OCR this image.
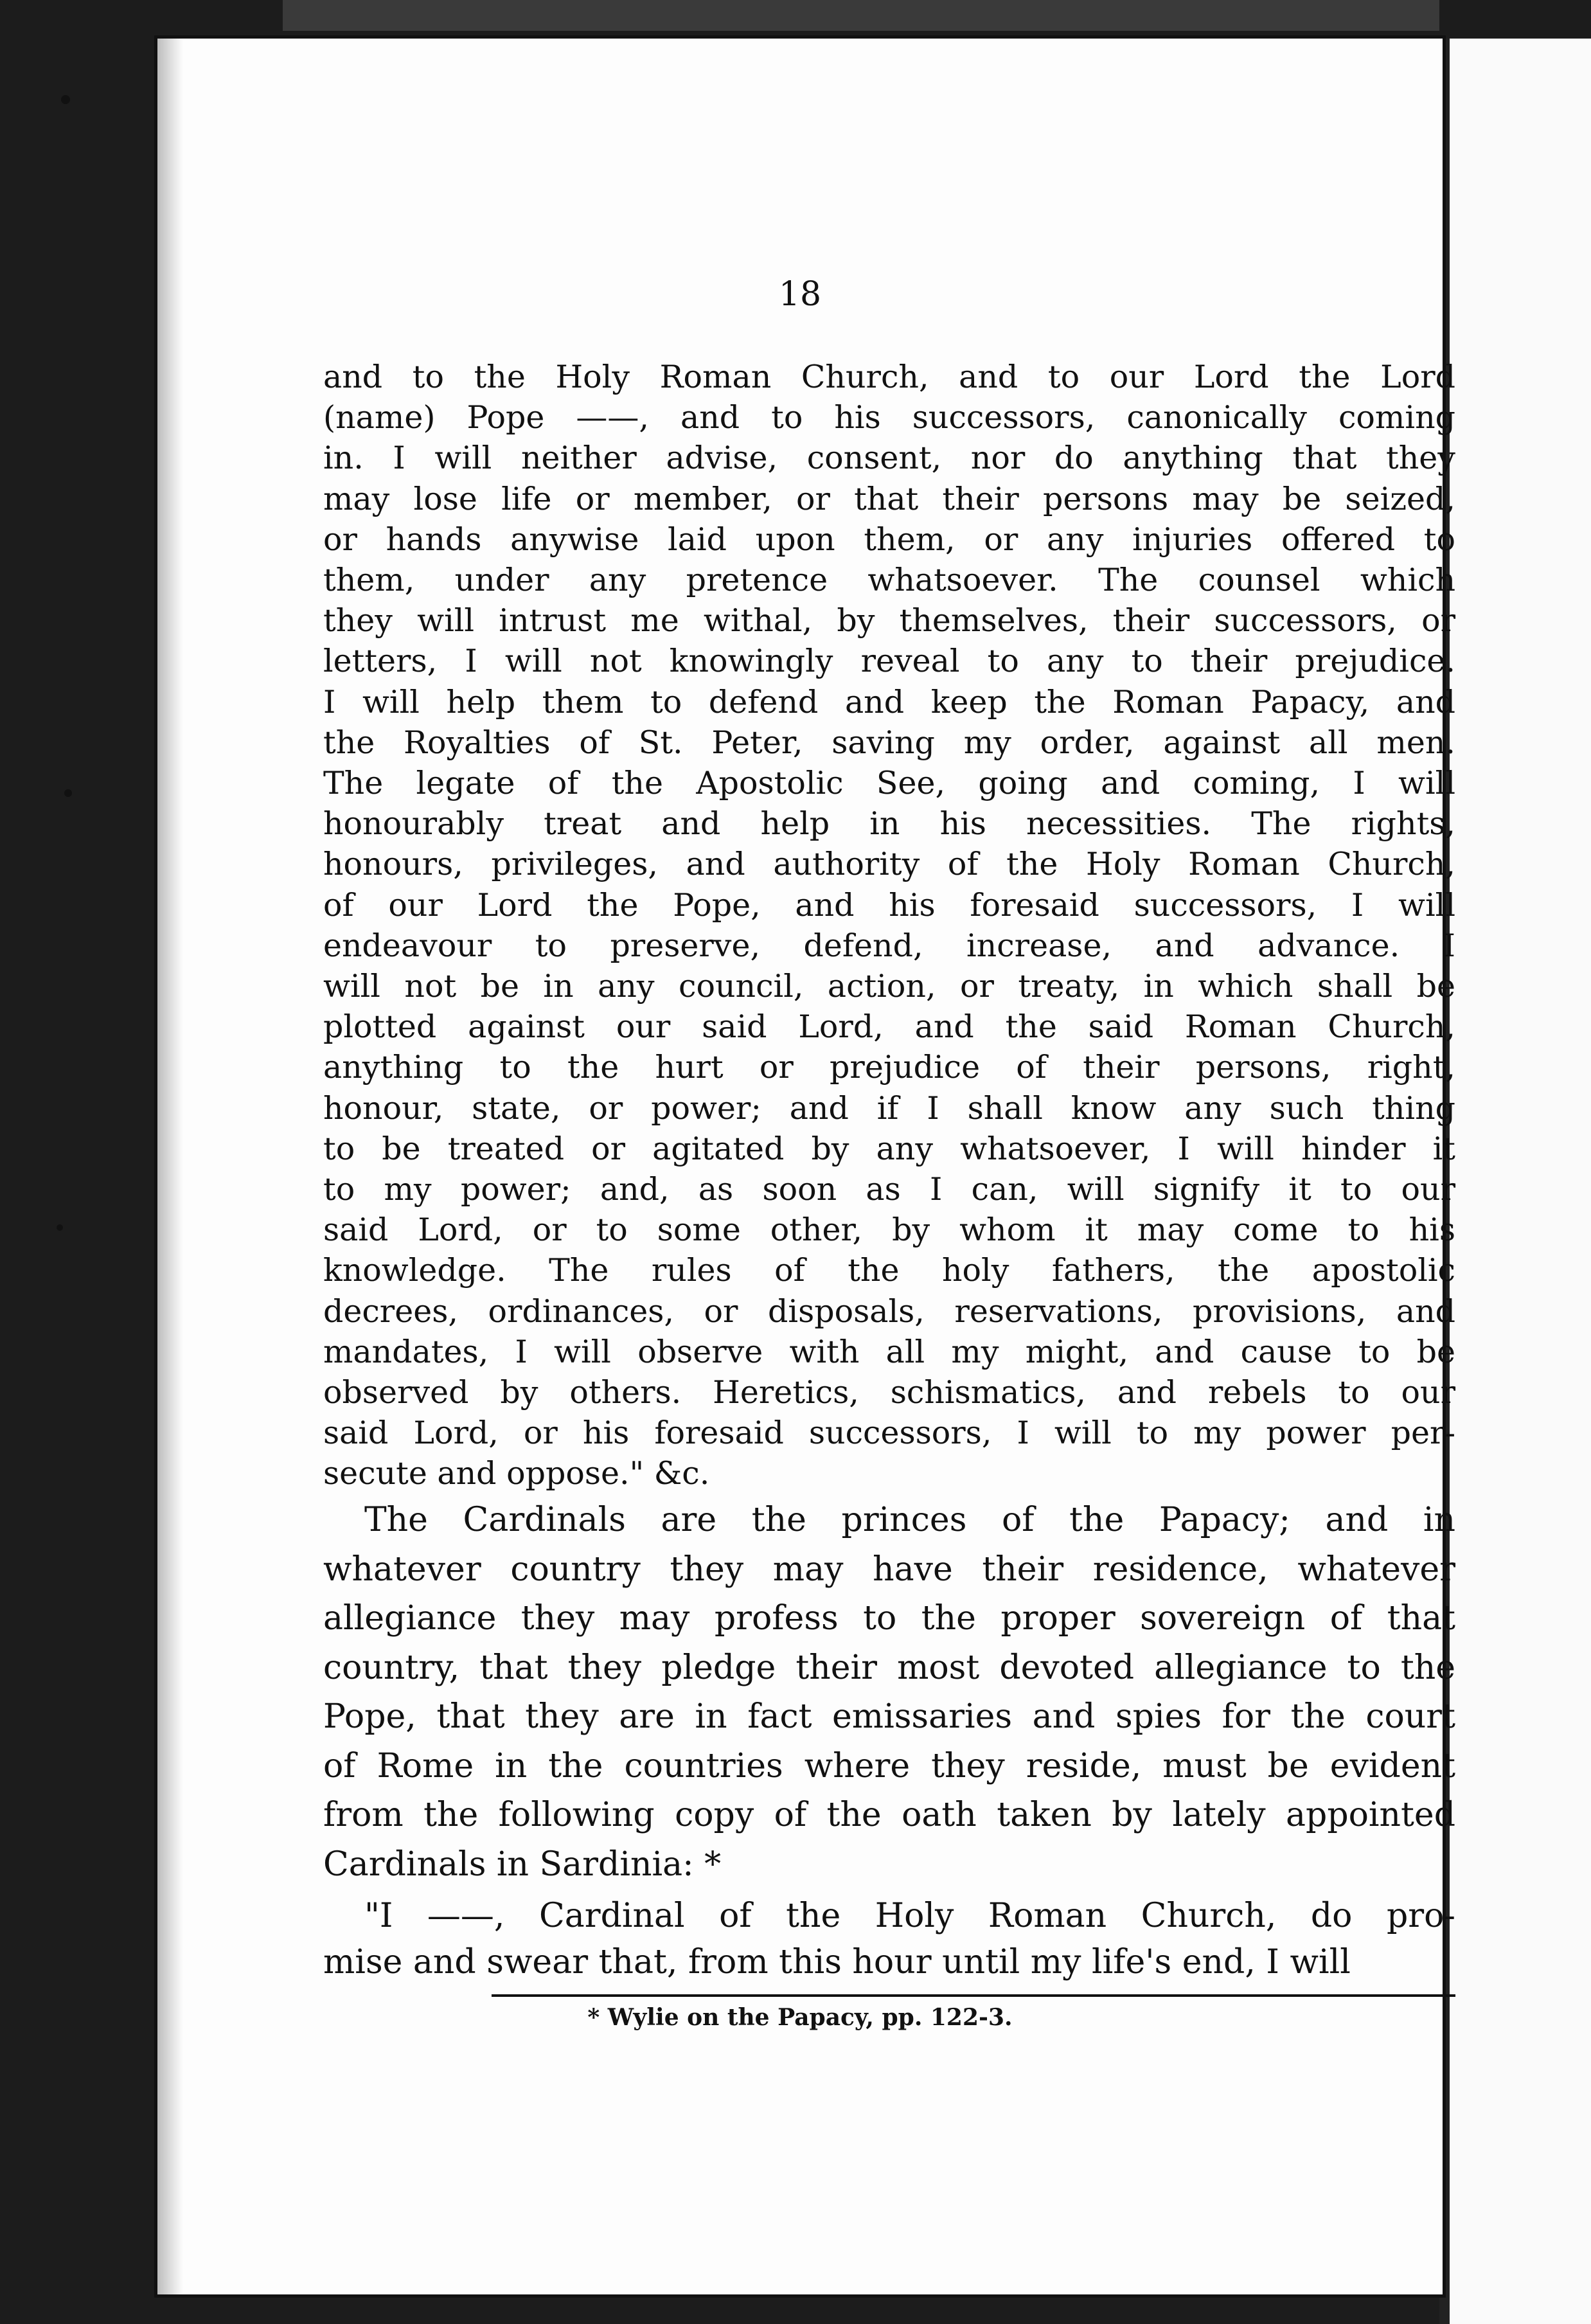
18
and to the Holy Roman Church, and to our Lord the Lord
(name) Pope ——, and to his successors, canonically coming
in. I will neither advise, consent, nor do anything that they
may lose life or member, or that their persons may be seized,
or hands anywise laid upon them, or any injuries offered to
them, under any pretence whatsoever. The counsel which
they will intrust me withal, by themselves, their successors, or
letters, I will not knowingly reveal to any to their prejudice.
I will help them to defend and keep the Roman Papacy, and
the Royalties of St. Peter, saving my order, against all men.
The legate of the Apostolic See, going and coming, I will
honourably treat and help in his necessities. The rights,
honours, privileges, and authority of the Holy Roman Church,
of our Lord the Pope, and his foresaid successors, I will
endeavour to preserve, defend, increase, and advance. I
will not be in any council, action, or treaty, in which shall be
plotted against our said Lord, and the said Roman Church,
anything to the hurt or prejudice of their persons, right,
honour, state, or power; and if I shall know any such thing
to be treated or agitated by any whatsoever, I will hinder it
to my power; and, as soon as I can, will signify it to our
said Lord, or to some other, by whom it may come to his
knowledge. The rules of the holy fathers, the apostolic
decrees, ordinances, or disposals, reservations, provisions, and
mandates, I will observe with all my might, and cause to be
observed by others. Heretics, schismatics, and rebels to our
said Lord, or his foresaid successors, I will to my power per-
secute and oppose." &c.
The Cardinals are the princes of the Papacy; and in
whatever country they may have their residence, whatever
allegiance they may profess to the proper sovereign of that
country, that they pledge their most devoted allegiance to the
Pope, that they are in fact emissaries and spies for the court
of Rome in the countries where they reside, must be evident
from the following copy of the oath taken by lately appointed
Cardinals in Sardinia: *
"I ——, Cardinal of the Holy Roman Church, do pro-
mise and swear that, from this hour until my life's end, I will
* Wylie on the Papacy, pp. 122-3.
